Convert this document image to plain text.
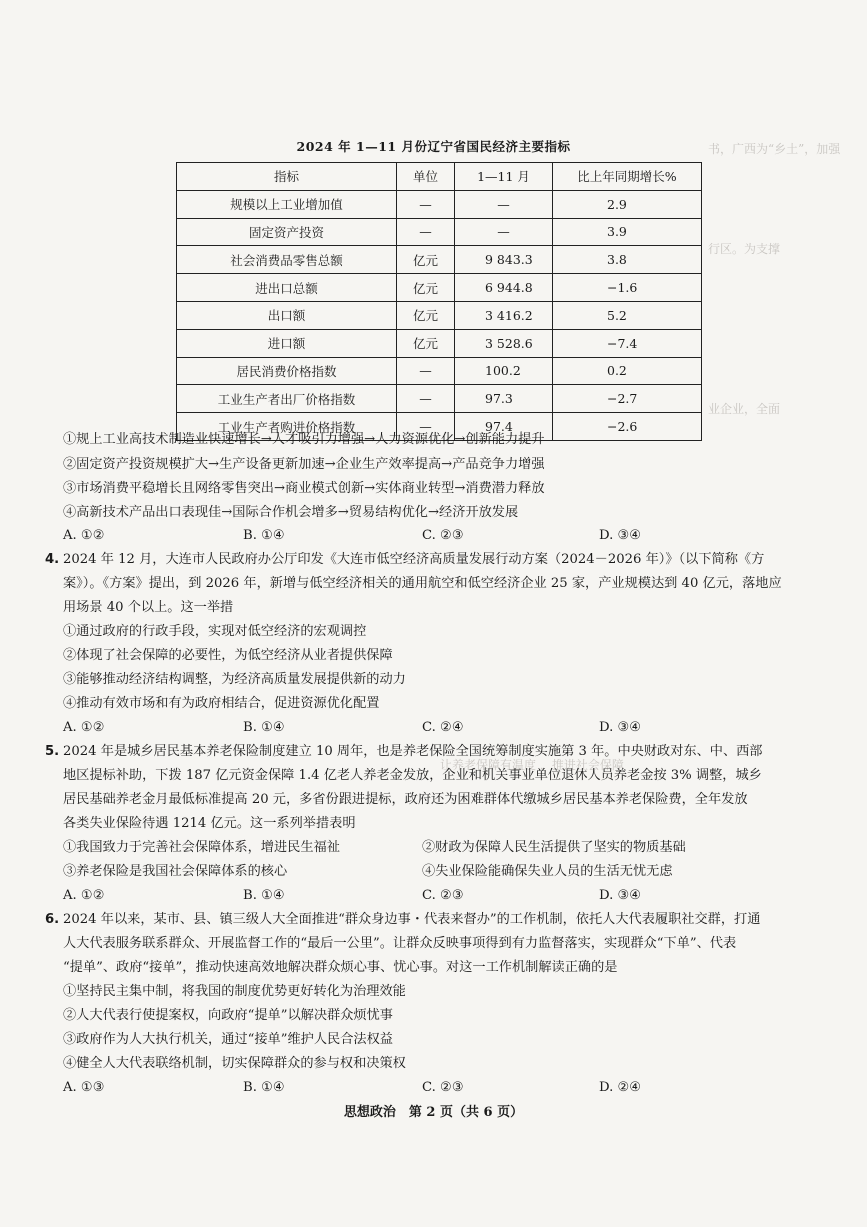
书，广西为“乡土”，加强
行区。为支撑
业企业，全面
让养老保障有温度 ，推进社会保障
2024 年 1—11 月份辽宁省国民经济主要指标
指标	单位	1—11 月	比上年同期增长%
规模以上工业增加值	—	—	2.9
固定资产投资	—	—	3.9
社会消费品零售总额	亿元	9 843.3	3.8
进出口总额	亿元	6 944.8	−1.6
出口额	亿元	3 416.2	5.2
进口额	亿元	3 528.6	−7.4
居民消费价格指数	—	100.2	0.2
工业生产者出厂价格指数	—	97.3	−2.7
工业生产者购进价格指数	—	97.4	−2.6
①规上工业高技术制造业快速增长→人才吸引力增强→人力资源优化→创新能力提升
②固定资产投资规模扩大→生产设备更新加速→企业生产效率提高→产品竞争力增强
③市场消费平稳增长且网络零售突出→商业模式创新→实体商业转型→消费潜力释放
④高新技术产品出口表现佳→国际合作机会增多→贸易结构优化→经济开放发展
A. ①②	B. ①④	C. ②③	D. ③④
4. 2024 年 12 月，大连市人民政府办公厅印发《大连市低空经济高质量发展行动方案（2024－2026 年）》（以下简称《方
案》）。《方案》提出，到 2026 年，新增与低空经济相关的通用航空和低空经济企业 25 家，产业规模达到 40 亿元，落地应
用场景 40 个以上。这一举措
①通过政府的行政手段，实现对低空经济的宏观调控
②体现了社会保障的必要性，为低空经济从业者提供保障
③能够推动经济结构调整，为经济高质量发展提供新的动力
④推动有效市场和有为政府相结合，促进资源优化配置
A. ①②	B. ①④	C. ②④	D. ③④
5. 2024 年是城乡居民基本养老保险制度建立 10 周年，也是养老保险全国统筹制度实施第 3 年。中央财政对东、中、西部
地区提标补助，下拨 187 亿元资金保障 1.4 亿老人养老金发放，企业和机关事业单位退休人员养老金按 3% 调整，城乡
居民基础养老金月最低标准提高 20 元，多省份跟进提标，政府还为困难群体代缴城乡居民基本养老保险费，全年发放
各类失业保险待遇 1214 亿元。这一系列举措表明
①我国致力于完善社会保障体系，增进民生福祉	②财政为保障人民生活提供了坚实的物质基础
③养老保险是我国社会保障体系的核心	④失业保险能确保失业人员的生活无忧无虑
A. ①②	B. ①④	C. ②③	D. ③④
6. 2024 年以来，某市、县、镇三级人大全面推进“群众身边事・代表来督办”的工作机制，依托人大代表履职社交群，打通
人大代表服务联系群众、开展监督工作的“最后一公里”。让群众反映事项得到有力监督落实，实现群众“下单”、代表
“提单”、政府“接单”，推动快速高效地解决群众烦心事、忧心事。对这一工作机制解读正确的是
①坚持民主集中制，将我国的制度优势更好转化为治理效能
②人大代表行使提案权，向政府“提单”以解决群众烦忧事
③政府作为人大执行机关，通过“接单”维护人民合法权益
④健全人大代表联络机制，切实保障群众的参与权和决策权
A. ①③	B. ①④	C. ②③	D. ②④
思想政治　第 2 页（共 6 页）
